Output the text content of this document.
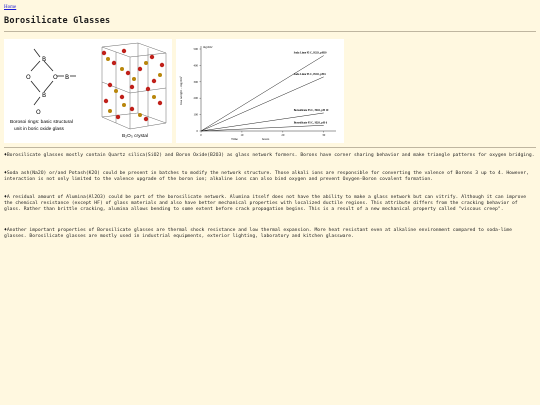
Home
Borosilicate Glasses
B
O	O B
B
O
Borosoi rings: basic structural
unit in boric oxide glass
B₂O₃ crystal
loss weight – mg/dm²
mg/dm²
Time	hours
500
400
300
200
100
0
0	10	20	30
Soda Lime 95 C, H2O, pH10
Soda Lime 95 C, H2O, pH 6
Borosilicate 95 C, H2O, pH 10
Borosilicate 95 C, H2O, pH 6

♦Borosilicate glasses mostly contain Quartz silica(SiO2) and Boron Oxide(B2O3) as glass network formers. Borons have corner sharing behavior and make triangle patterns for oxygen bridging.

♦Soda ash(Na2O) or/and Potash(K2O) could be present in batches to modify the network structure. Those alkali ions are responsible for converting the valence of Borons 3 up to 4. However, interaction is not only limited to the valence upgrade of the boron ion; alkaline ions can also bind oxygen and prevent Oxygen-Boron covalent formation.

♦A residual amount of Alumina(Al2O3) could be part of the borosilicate network. Alumina itself does not have the ability to make a glass network but can vitrify. Although it can improve the chemical resistance (except HF) of glass materials and also have better mechanical properties with localized ductile regions. This attribute differs from the cracking behavior of glass. Rather than brittle cracking, alumina allows bending to some extent before crack propagation begins. This is a result of a new mechanical property called "viscous creep".

♦Another important properties of Borosilicate glasses are thermal shock resistance and low thermal expansion. More heat resistant even at alkaline environment compared to soda-lime glasses. Borosilicate glasses are mostly used in industrial equipments, exterior lighting, laboratory and kitchen glassware.
